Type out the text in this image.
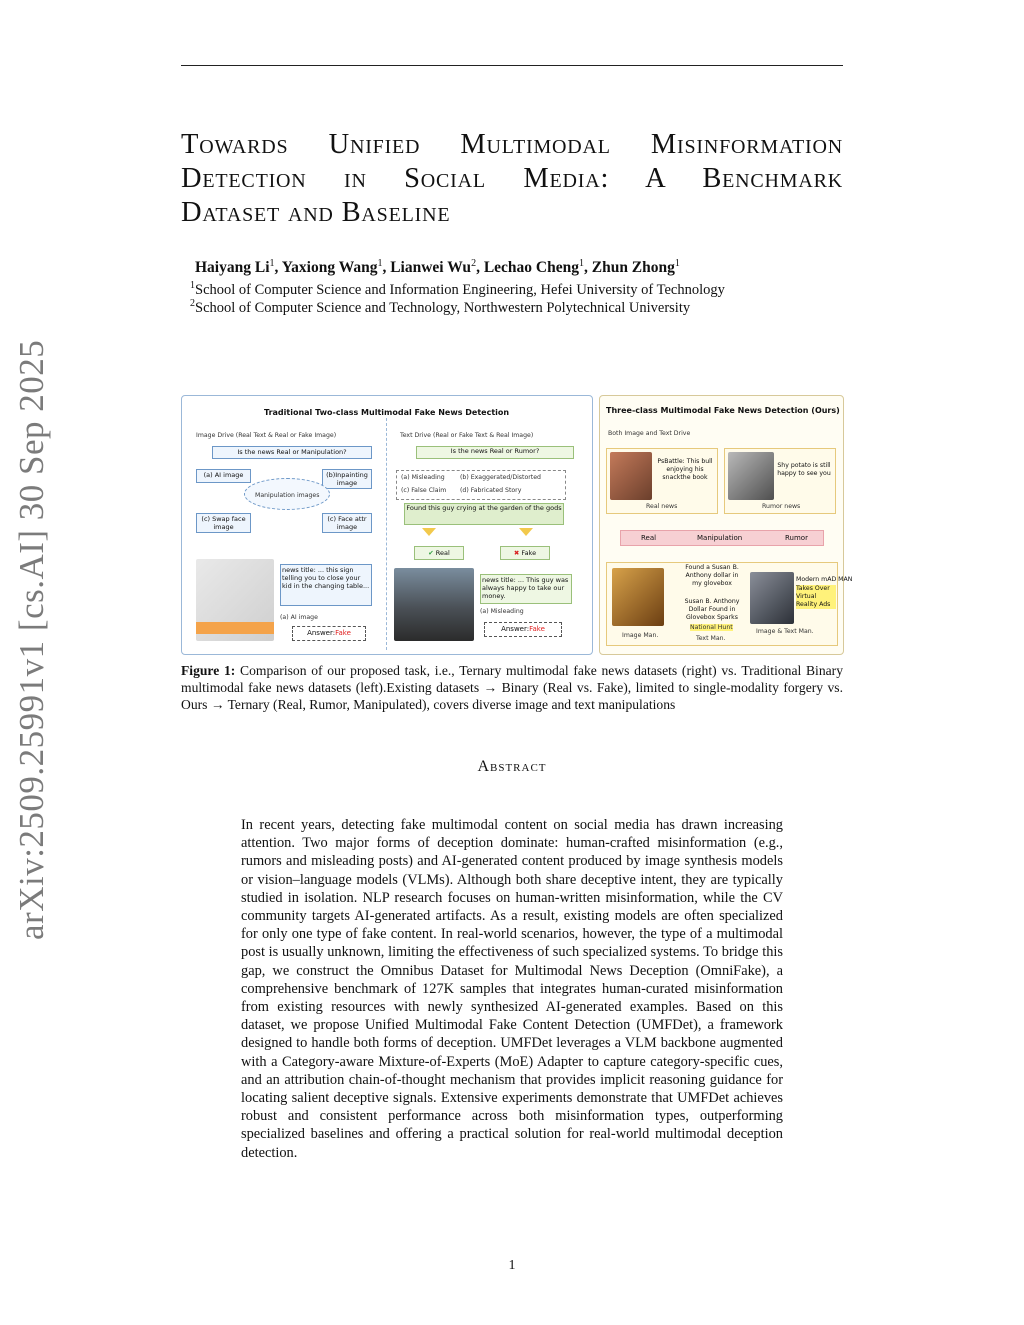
arXiv:2509.25991v1 [cs.AI] 30 Sep 2025
Towards Unified Multimodal Misinformation
Detection in Social Media: A Benchmark
Dataset and Baseline
Haiyang Li$^1$, Yaxiong Wang$^1$, Lianwei Wu$^2$, Lechao Cheng$^1$, Zhun Zhong$^1$
$^1$School of Computer Science and Information Engineering, Hefei University of Technology
$^2$School of Computer Science and Technology, Northwestern Polytechnical University
Traditional Two-class Multimodal Fake News Detection
Image Drive (Real Text & Real or Fake Image)
Is the news Real or Manipulation?
(a) AI image	(b)Inpainting image
Manipulation images
(c) Swap face image
(c) Face attr image
news title: ... this sign telling you to close your kid in the changing table...
(a) AI image
Answer:Fake
Text Drive (Real or Fake Text & Real Image)
Is the news Real or Rumor?
(a) Misleading (b) Exaggerated/Distorted
(c) False Claim (d) Fabricated Story
Found this guy crying at the garden of the gods
✔ Real	✖ Fake
news title: ... This guy was always happy to take our money.
(a) Misleading
Answer:Fake
Three-class Multimodal Fake News Detection (Ours)
Both Image and Text Drive
PsBattle: This bull enjoying his snackthe book
Real news
Shy potato is still happy to see you
Rumor news
Real	Manipulation	Rumor
Found a Susan B. Anthony dollar in my glovebox
Susan B. Anthony Dollar Found in Glovebox Sparks
National Hunt
Modern mAD MAN
Takes Over Virtual Reality Ads
Image Man.	Text Man.
Image & Text Man.
Figure 1: Comparison of our proposed task, i.e., Ternary multimodal fake news datasets (right) vs. Traditional Binary multimodal fake news datasets (left).Existing datasets → Binary (Real vs. Fake), limited to single-modality forgery vs. Ours → Ternary (Real, Rumor, Manipulated), covers diverse image and text manipulations
Abstract
In recent years, detecting fake multimodal content on social media has drawn increasing attention. Two major forms of deception dominate: human-crafted misinformation (e.g., rumors and misleading posts) and AI-generated content produced by image synthesis models or vision–language models (VLMs). Although both share deceptive intent, they are typically studied in isolation. NLP research focuses on human-written misinformation, while the CV community targets AI-generated artifacts. As a result, existing models are often specialized for only one type of fake content. In real-world scenarios, however, the type of a multimodal post is usually unknown, limiting the effectiveness of such specialized systems. To bridge this gap, we construct the Omnibus Dataset for Multimodal News Deception (OmniFake), a comprehensive benchmark of 127K samples that integrates human-curated misinformation from existing resources with newly synthesized AI-generated examples. Based on this dataset, we propose Unified Multimodal Fake Content Detection (UMFDet), a framework designed to handle both forms of deception. UMFDet leverages a VLM backbone augmented with a Category-aware Mixture-of-Experts (MoE) Adapter to capture category-specific cues, and an attribution chain-of-thought mechanism that provides implicit reasoning guidance for locating salient deceptive signals. Extensive experiments demonstrate that UMFDet achieves robust and consistent performance across both misinformation types, outperforming specialized baselines and offering a practical solution for real-world multimodal deception detection.
1
